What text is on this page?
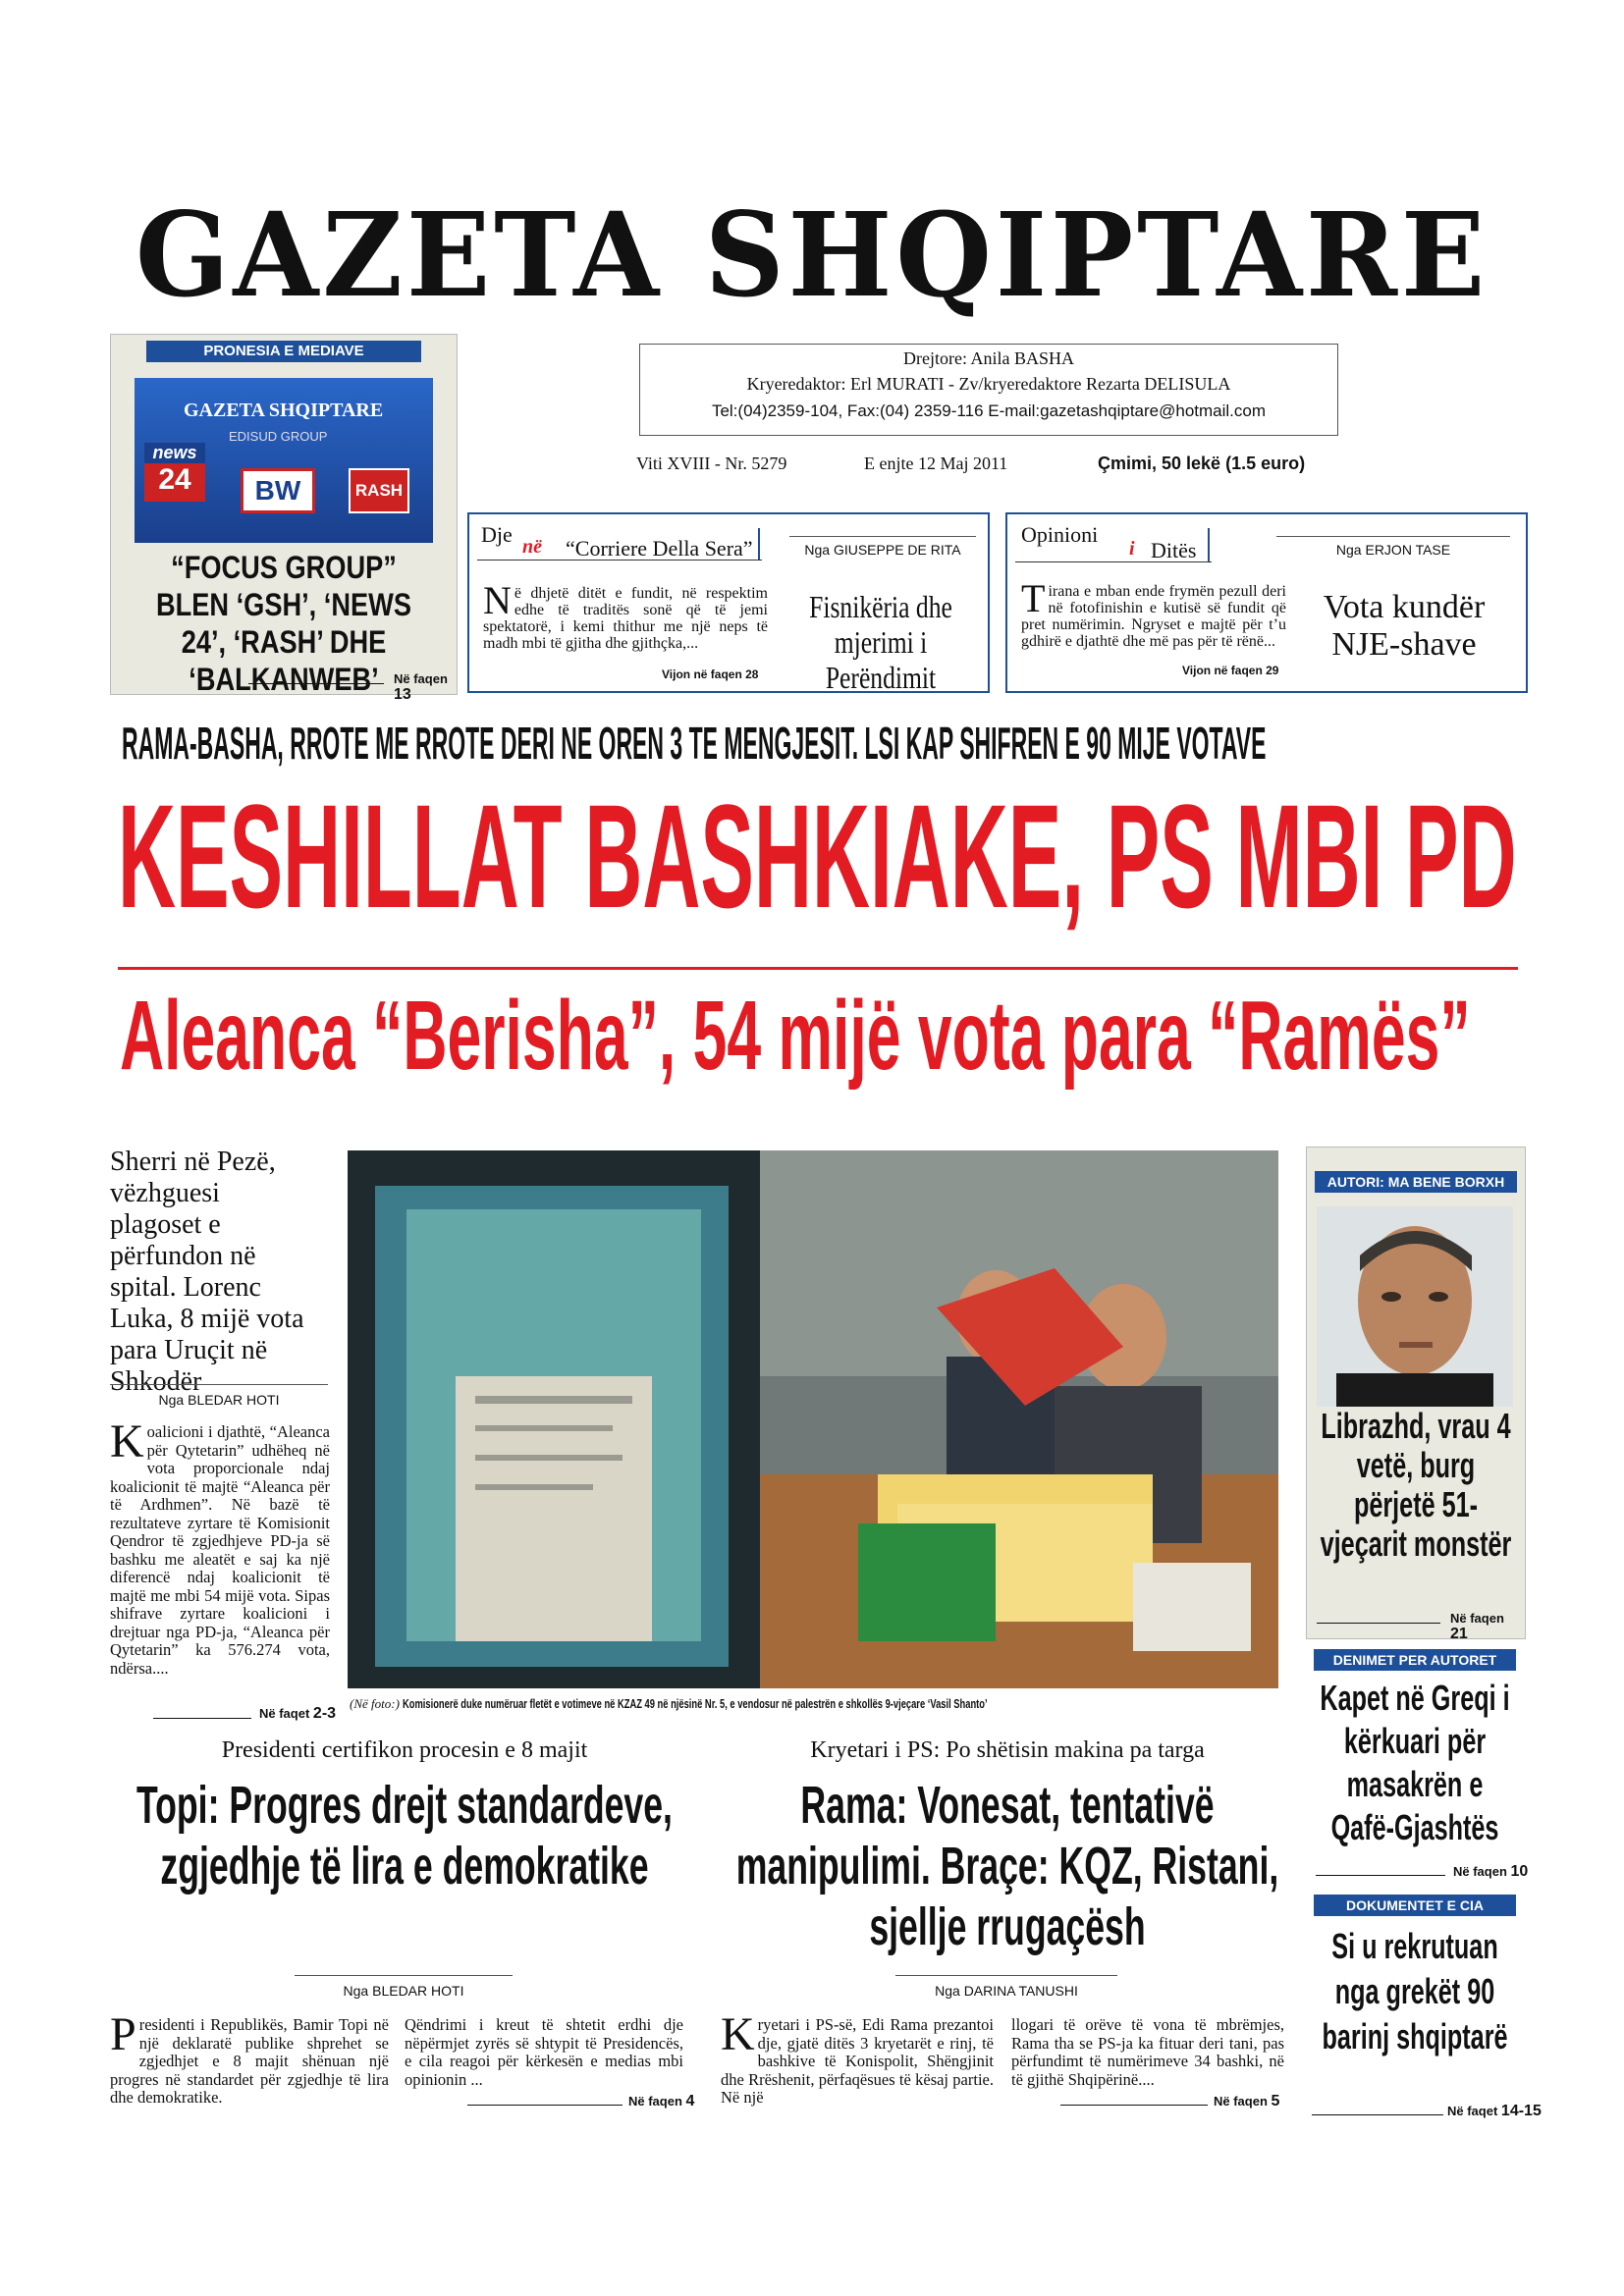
GAZETA SHQIPTARE
PRONESIA E MEDIAVE
GAZETA SHQIPTARE
EDISUD GROUP
news
24	BW	RASH
“FOCUS GROUP” BLEN ‘GSH’, ‘NEWS 24’, ‘RASH’ DHE ‘BALKANWEB’	Në faqen 13
Drejtore: Anila BASHA
Kryeredaktor: Erl MURATI - Zv/kryeredaktore Rezarta DELISULA
Tel:(04)2359-104, Fax:(04) 2359-116 E-mail:gazetashqiptare@hotmail.com
Viti XVIII - Nr. 5279	E enjte 12 Maj 2011	Çmimi, 50 lekë (1.5 euro)
Dje në “Corriere Della Sera”	Nga GIUSEPPE DE RITA
Në dhjetë ditët e fundit, në respektim edhe të traditës sonë që të jemi spektatorë, i kemi thithur me një neps të madh mbi të gjitha dhe gjithçka,...
Vijon në faqen 28
Fisnikëria dhe mjerimi i Perëndimit
Opinioni
i Ditës	Nga ERJON TASE
Tirana e mban ende frymën pezull deri në fotofinishin e kutisë së fundit që pret numërimin. Ngryset e majtë për t’u gdhirë e djathtë dhe më pas për të rënë...
Vijon në faqen 29
Vota kundër NJE-shave
RAMA-BASHA, RROTE ME RROTE DERI NE OREN 3 TE MENGJESIT. LSI KAP SHIFREN E 90 MIJE VOTAVE
KESHILLAT BASHKIAKE, PS MBI PD
Aleanca “Berisha”, 54 mijë vota para “Ramës”
Sherri në Pezë, vëzhguesi plagoset e përfundon në spital. Lorenc Luka, 8 mijë vota para Uruçit në Shkodër
Nga BLEDAR HOTI
Koalicioni i djathtë, “Aleanca për Qytetarin” udhëheq në vota proporcionale ndaj koalicionit të majtë “Aleanca për të Ardhmen”. Në bazë të rezultateve zyrtare të Komisionit Qendror të zgjedhjeve PD-ja së bashku me aleatët e saj ka një diferencë ndaj koalicionit të majtë me mbi 54 mijë vota. Sipas shifrave zyrtare koalicioni i drejtuar nga PD-ja, “Aleanca për Qytetarin” ka 576.274 vota, ndërsa....
Në faqet 2-3
(Në foto:) Komisionerë duke numëruar fletët e votimeve në KZAZ 49 në njësinë Nr. 5, e vendosur në palestrën e shkollës 9-vjeçare ‘Vasil Shanto’
Presidenti certifikon procesin e 8 majit
Topi: Progres drejt standardeve, zgjedhje të lira e demokratike
Nga BLEDAR HOTI
Presidenti i Republikës, Bamir Topi në një deklaratë publike shprehet se zgjedhjet e 8 majit shënuan një progres në standardet për zgjedhje të lira dhe demokratike.
Qëndrimi i kreut të shtetit erdhi dje nëpërmjet zyrës së shtypit të Presidencës, e cila reagoi për kërkesën e medias mbi opinionin ...
Në faqen 4
Kryetari i PS: Po shëtisin makina pa targa
Rama: Vonesat, tentativë manipulimi. Braçe: KQZ, Ristani, sjellje rrugaçësh
Nga DARINA TANUSHI
Kryetari i PS-së, Edi Rama prezantoi dje, gjatë ditës 3 kryetarët e rinj, të bashkive të Konispolit, Shëngjinit dhe Rrëshenit, përfaqësues të kësaj partie. Në një
llogari të orëve të vona të mbrëmjes, Rama tha se PS-ja ka fituar deri tani, pas përfundimt të numërimeve 34 bashki, në të gjithë Shqipërinë....
Në faqen 5
AUTORI: MA BENE BORXH
Librazhd, vrau 4 vetë, burg përjetë 51-vjeçarit monstër
Në faqen 21
DENIMET PER AUTORET
Kapet në Greqi i kërkuari për masakrën e Qafë-Gjashtës
Në faqen 10
DOKUMENTET E CIA
Si u rekrutuan nga grekët 90 barinj shqiptarë
Në faqet 14-15
